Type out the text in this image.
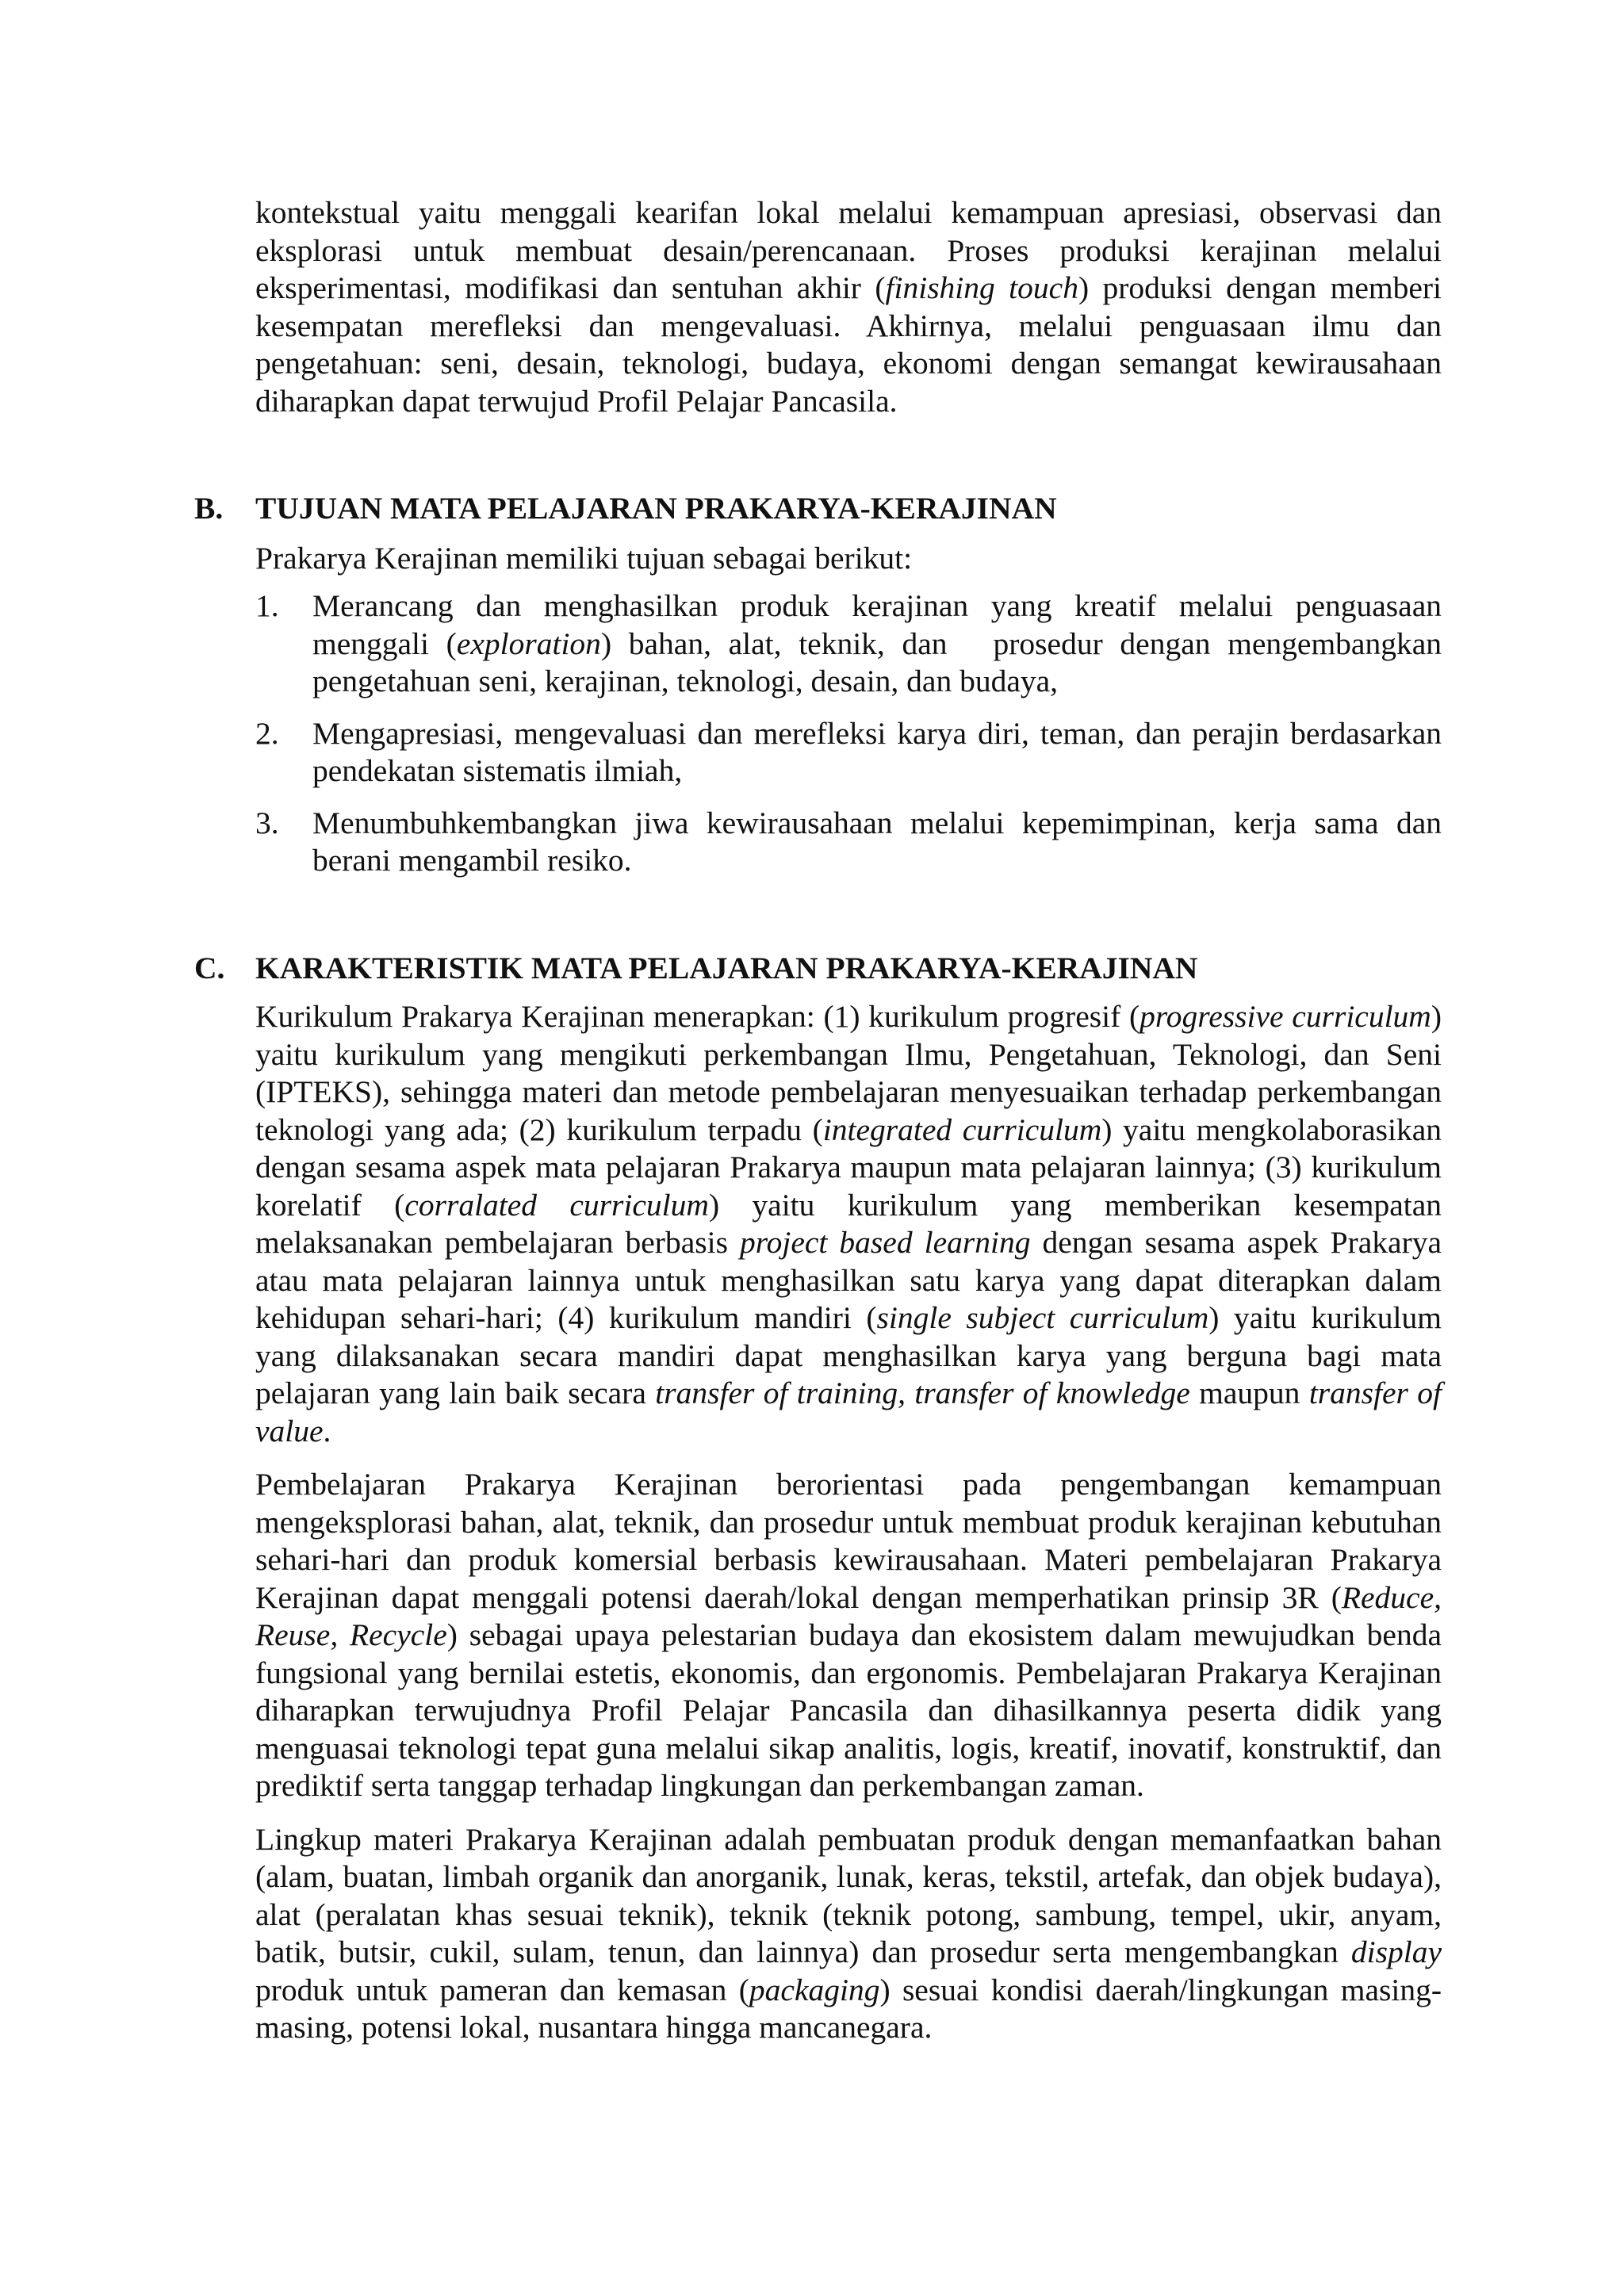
kontekstual yaitu menggali kearifan lokal melalui kemampuan apresiasi, observasi dan eksplorasi untuk membuat desain/perencanaan. Proses produksi kerajinan melalui eksperimentasi, modifikasi dan sentuhan akhir (finishing touch) produksi dengan memberi kesempatan merefleksi dan mengevaluasi. Akhirnya, melalui penguasaan ilmu dan pengetahuan: seni, desain, teknologi, budaya, ekonomi dengan semangat kewirausahaan diharapkan dapat terwujud Profil Pelajar Pancasila.

B. TUJUAN MATA PELAJARAN PRAKARYA-KERAJINAN

Prakarya Kerajinan memiliki tujuan sebagai berikut:

1. Merancang dan menghasilkan produk kerajinan yang kreatif melalui penguasaan menggali (exploration) bahan, alat, teknik, dan prosedur dengan mengembangkan pengetahuan seni, kerajinan, teknologi, desain, dan budaya,
2. Mengapresiasi, mengevaluasi dan merefleksi karya diri, teman, dan perajin berdasarkan pendekatan sistematis ilmiah,
3. Menumbuhkembangkan jiwa kewirausahaan melalui kepemimpinan, kerja sama dan berani mengambil resiko.
C. KARAKTERISTIK MATA PELAJARAN PRAKARYA-KERAJINAN

Kurikulum Prakarya Kerajinan menerapkan: (1) kurikulum progresif (progressive curriculum) yaitu kurikulum yang mengikuti perkembangan Ilmu, Pengetahuan, Teknologi, dan Seni (IPTEKS), sehingga materi dan metode pembelajaran menyesuaikan terhadap perkembangan teknologi yang ada; (2) kurikulum terpadu (integrated curriculum) yaitu mengkolaborasikan dengan sesama aspek mata pelajaran Prakarya maupun mata pelajaran lainnya; (3) kurikulum korelatif (corralated curriculum) yaitu kurikulum yang memberikan kesempatan melaksanakan pembelajaran berbasis project based learning dengan sesama aspek Prakarya atau mata pelajaran lainnya untuk menghasilkan satu karya yang dapat diterapkan dalam kehidupan sehari-hari; (4) kurikulum mandiri (single subject curriculum) yaitu kurikulum yang dilaksanakan secara mandiri dapat menghasilkan karya yang berguna bagi mata pelajaran yang lain baik secara transfer of training, transfer of knowledge maupun transfer of value.

Pembelajaran Prakarya Kerajinan berorientasi pada pengembangan kemampuan mengeksplorasi bahan, alat, teknik, dan prosedur untuk membuat produk kerajinan kebutuhan sehari-hari dan produk komersial berbasis kewirausahaan. Materi pembelajaran Prakarya Kerajinan dapat menggali potensi daerah/lokal dengan memperhatikan prinsip 3R (Reduce, Reuse, Recycle) sebagai upaya pelestarian budaya dan ekosistem dalam mewujudkan benda fungsional yang bernilai estetis, ekonomis, dan ergonomis. Pembelajaran Prakarya Kerajinan diharapkan terwujudnya Profil Pelajar Pancasila dan dihasilkannya peserta didik yang menguasai teknologi tepat guna melalui sikap analitis, logis, kreatif, inovatif, konstruktif, dan prediktif serta tanggap terhadap lingkungan dan perkembangan zaman.

Lingkup materi Prakarya Kerajinan adalah pembuatan produk dengan memanfaatkan bahan (alam, buatan, limbah organik dan anorganik, lunak, keras, tekstil, artefak, dan objek budaya), alat (peralatan khas sesuai teknik), teknik (teknik potong, sambung, tempel, ukir, anyam, batik, butsir, cukil, sulam, tenun, dan lainnya) dan prosedur serta mengembangkan display produk untuk pameran dan kemasan (packaging) sesuai kondisi daerah/lingkungan masing-masing, potensi lokal, nusantara hingga mancanegara.
